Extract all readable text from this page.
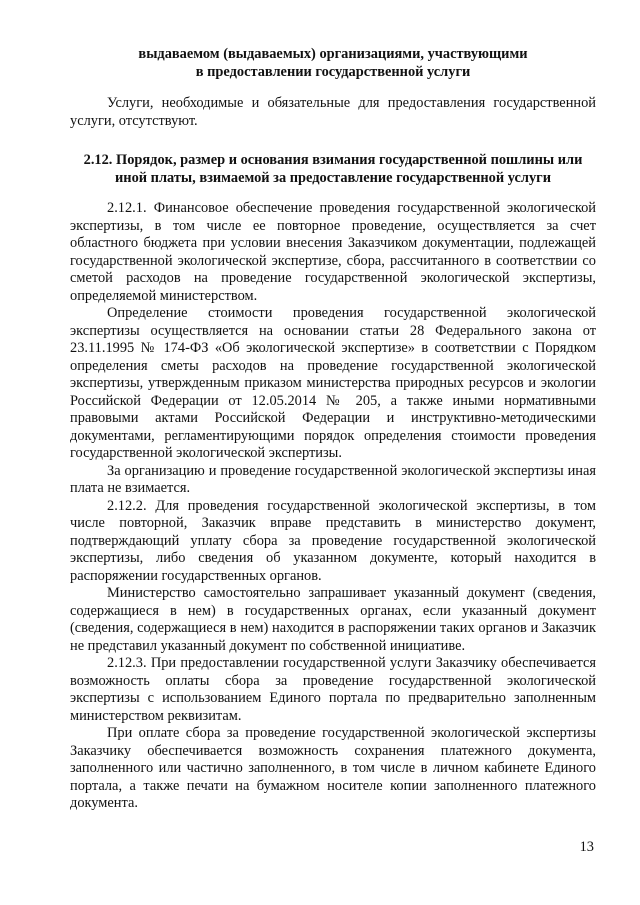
выдаваемом (выдаваемых) организациями, участвующими
в предоставлении государственной услуги

Услуги, необходимые и обязательные для предоставления государственной услуги, отсутствуют.

2.12. Порядок, размер и основания взимания государственной пошлины или
иной платы, взимаемой за предоставление государственной услуги

2.12.1. Финансовое обеспечение проведения государственной экологической экспертизы, в том числе ее повторное проведение, осуществляется за счет областного бюджета при условии внесения Заказчиком документации, подлежащей государственной экологической экспертизе, сбора, рассчитанного в соответствии со сметой расходов на проведение государственной экологической экспертизы, определяемой министерством.

Определение стоимости проведения государственной экологической экспертизы осуществляется на основании статьи 28 Федерального закона от 23.11.1995 № 174-ФЗ «Об экологической экспертизе» в соответствии с Порядком определения сметы расходов на проведение государственной экологической экспертизы, утвержденным приказом министерства природных ресурсов и экологии Российской Федерации от 12.05.2014 № 205, а также иными нормативными правовыми актами Российской Федерации и инструктивно-методическими документами, регламентирующими порядок определения стоимости проведения государственной экологической экспертизы.

За организацию и проведение государственной экологической экспертизы иная плата не взимается.

2.12.2. Для проведения государственной экологической экспертизы, в том числе повторной, Заказчик вправе представить в министерство документ, подтверждающий уплату сбора за проведение государственной экологической экспертизы, либо сведения об указанном документе, который находится в распоряжении государственных органов.

Министерство самостоятельно запрашивает указанный документ (сведения, содержащиеся в нем) в государственных органах, если указанный документ (сведения, содержащиеся в нем) находится в распоряжении таких органов и Заказчик не представил указанный документ по собственной инициативе.

2.12.3. При предоставлении государственной услуги Заказчику обеспечивается возможность оплаты сбора за проведение государственной экологической экспертизы с использованием Единого портала по предварительно заполненным министерством реквизитам.

При оплате сбора за проведение государственной экологической экспертизы Заказчику обеспечивается возможность сохранения платежного документа, заполненного или частично заполненного, в том числе в личном кабинете Единого портала, а также печати на бумажном носителе копии заполненного платежного документа.

13
